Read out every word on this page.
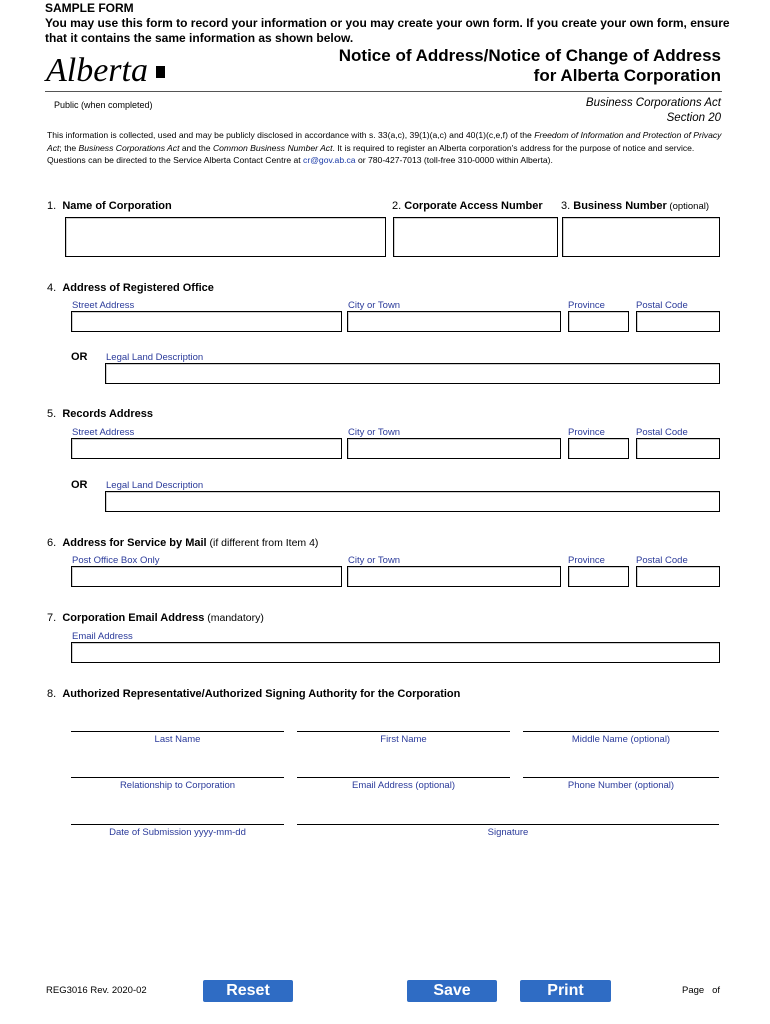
SAMPLE FORM
You may use this form to record your information or you may create your own form. If you create your own form, ensure that it contains the same information as shown below.
Alberta	Notice of Address/Notice of Change of Address
for Alberta Corporation
Public (when completed)	Business Corporations Act
Section 20
This information is collected, used and may be publicly disclosed in accordance with s. 33(a,c), 39(1)(a,c) and 40(1)(c,e,f) of the Freedom of Information and Protection of Privacy Act; the Business Corporations Act and the Common Business Number Act. It is required to register an Alberta corporation's address for the purpose of notice and service. Questions can be directed to the Service Alberta Contact Centre at cr@gov.ab.ca or 780-427-7013 (toll-free 310-0000 within Alberta).
1. Name of Corporation	2. Corporate Access Number 3. Business Number (optional)
4. Address of Registered Office
Street Address	City or Town	Province	Postal Code
OR Legal Land Description
5. Records Address
Street Address	City or Town	Province	Postal Code
OR Legal Land Description
6. Address for Service by Mail (if different from Item 4)
Post Office Box Only	City or Town	Province	Postal Code
7. Corporation Email Address (mandatory)
Email Address
8. Authorized Representative/Authorized Signing Authority for the Corporation
Last Name	First Name	Middle Name (optional)
Relationship to Corporation	Email Address (optional)	Phone Number (optional)
Date of Submission yyyy-mm-dd	Signature
REG3016 Rev. 2020-02	Reset	Save	Print	Page   of
